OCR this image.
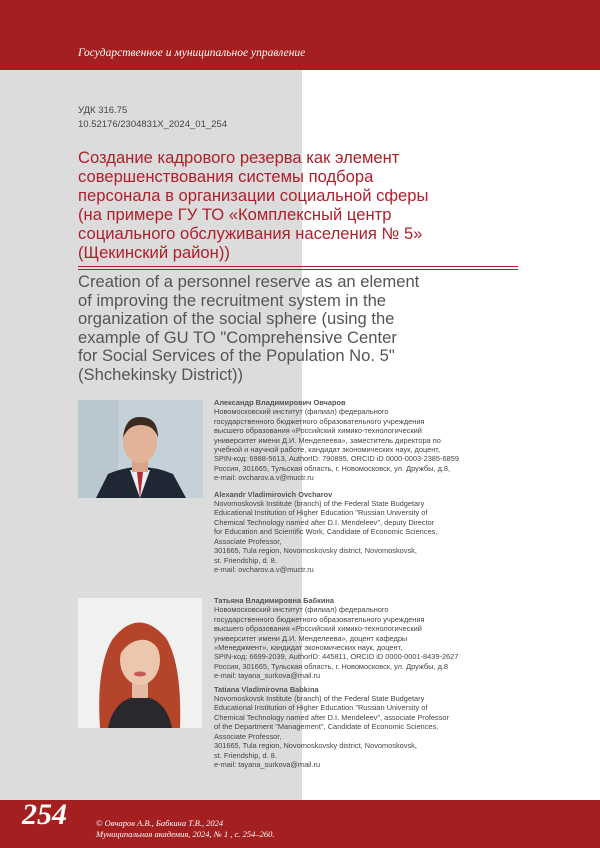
Государственное и муниципальное управление
УДК 316.75
10.52176/2304831X_2024_01_254
Создание кадрового резерва как элемент
совершенствования системы подбора
персонала в организации социальной сферы
(на примере ГУ ТО «Комплексный центр
социального обслуживания населения № 5»
(Щекинский район))
Creation of a personnel reserve as an element
of improving the recruitment system in the
organization of the social sphere (using the
example of GU TO "Comprehensive Center
for Social Services of the Population No. 5"
(Shchekinsky District))
Александр Владимирович Овчаров
Новомосковский институт (филиал) федерального
государственного бюджетного образовательного учреждения
высшего образования «Российский химико-технологический
университет имени Д.И. Менделеева», заместитель директора по
учебной и научной работе, кандидат экономических наук, доцент,
SPIN-код: 6988-5613, AuthorID: 790895, ORCID iD 0000-0003-2385-6859
Россия, 301665, Тульская область, г. Новомосковск, ул. Дружбы, д.8,
e-mail: ovcharov.a.v@muctr.ru
Alexandr Vladimirovich Ovcharov
Novomoskovsk Institute (branch) of the Federal State Budgetary
Educational Institution of Higher Education "Russian University of
Chemical Technology named after D.I. Mendeleev", deputy Director
for Education and Scientific Work, Candidate of Economic Sciences,
Associate Professor,
301665, Tula region, Novomoskovsky district, Novomoskovsk,
st. Friendship, d. 8.
e-mail: ovcharov.a.v@muctr.ru
Татьяна Владимировна Бабкина
Новомосковский институт (филиал) федерального
государственного бюджетного образовательного учреждения
высшего образования «Российский химико-технологический
университет имени Д.И. Менделеева», доцент кафедры
«Менеджмент», кандидат экономических наук, доцент,
SPIN-код: 6699-2039, AuthorID: 445811, ORCID iD 0000-0001-8439-2627
Россия, 301665, Тульская область, г. Новомосковск, ул. Дружбы, д.8
e-mail: tayana_surkova@mail.ru
Tatiana Vladimirovna Babkina
Novomoskovsk Institute (branch) of the Federal State Budgetary
Educational Institution of Higher Education "Russian University of
Chemical Technology named after D.I. Mendeleev", associate Professor
of the Department "Management", Candidate of Economic Sciences,
Associate Professor,
301665, Tula region, Novomoskovsky district, Novomoskovsk,
st. Friendship, d. 8.
e-mail: tayana_surkova@mail.ru
254	© Овчаров А.В., Бабкина Т.В., 2024
Муниципальная академия, 2024, № 1 , с. 254–260.
